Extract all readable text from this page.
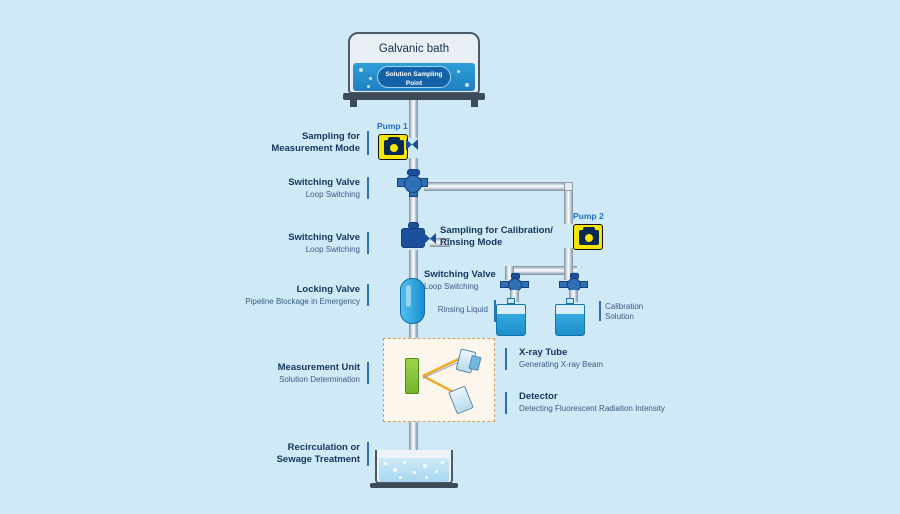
Galvanic bath
Solution Sampling
Point
Pump 1
Pump 2
Rinsing Liquid	Calibration
Solution
Sampling for
Measurement Mode
Switching Valve
Loop Switching
Switching Valve
Loop Switching
Locking Valve
Pipeline Blockage in Emergency
Measurement Unit
Solution Determination
Recirculation or
Sewage Treatment
Sampling for Calibration/
Rinsing Mode
Switching Valve
Loop Switching
X-ray Tube
Generating X-ray Beam
Detector
Detecting Fluorescent Radiation Intensity
